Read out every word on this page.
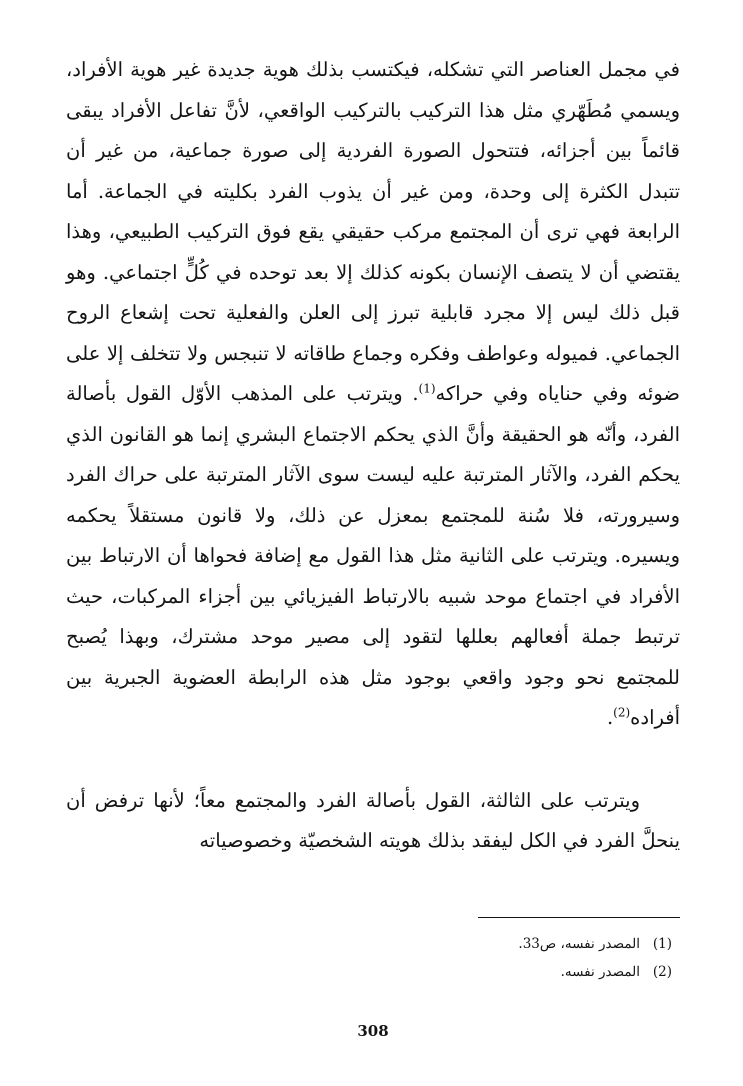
في مجمل العناصر التي تشكله، فيكتسب بذلك هوية جديدة غير هوية الأفراد، ويسمي مُطَهّري مثل هذا التركيب بالتركيب الواقعي، لأنَّ تفاعل الأفراد يبقى قائماً بين أجزائه، فتتحول الصورة الفردية إلى صورة جماعية، من غير أن تتبدل الكثرة إلى وحدة، ومن غير أن يذوب الفرد بكليته في الجماعة. أما الرابعة فهي ترى أن المجتمع مركب حقيقي يقع فوق التركيب الطبيعي، وهذا يقتضي أن لا يتصف الإنسان بكونه كذلك إلا بعد توحده في كُلٍّ اجتماعي. وهو قبل ذلك ليس إلا مجرد قابلية تبرز إلى العلن والفعلية تحت إشعاع الروح الجماعي. فميوله وعواطف وفكره وجماع طاقاته لا تنبجس ولا تتخلف إلا على ضوئه وفي حناياه وفي حراكه$^{(1)}$. ويترتب على المذهب الأوّل القول بأصالة الفرد، وأنّه هو الحقيقة وأنَّ الذي يحكم الاجتماع البشري إنما هو القانون الذي يحكم الفرد، والآثار المترتبة عليه ليست سوى الآثار المترتبة على حراك الفرد وسيرورته، فلا سُنة للمجتمع بمعزل عن ذلك، ولا قانون مستقلاً يحكمه ويسيره. ويترتب على الثانية مثل هذا القول مع إضافة فحواها أن الارتباط بين الأفراد في اجتماع موحد شبيه بالارتباط الفيزيائي بين أجزاء المركبات، حيث ترتبط جملة أفعالهم بعللها لتقود إلى مصير موحد مشترك، وبهذا يُصبح للمجتمع نحو وجود واقعي بوجود مثل هذه الرابطة العضوية الجبرية بين أفراده$^{(2)}$.

ويترتب على الثالثة، القول بأصالة الفرد والمجتمع معاً؛ لأنها ترفض أن ينحلَّ الفرد في الكل ليفقد بذلك هويته الشخصيّة وخصوصياته

(1)
المصدر نفسه، ص33.
(2)
المصدر نفسه.
308
